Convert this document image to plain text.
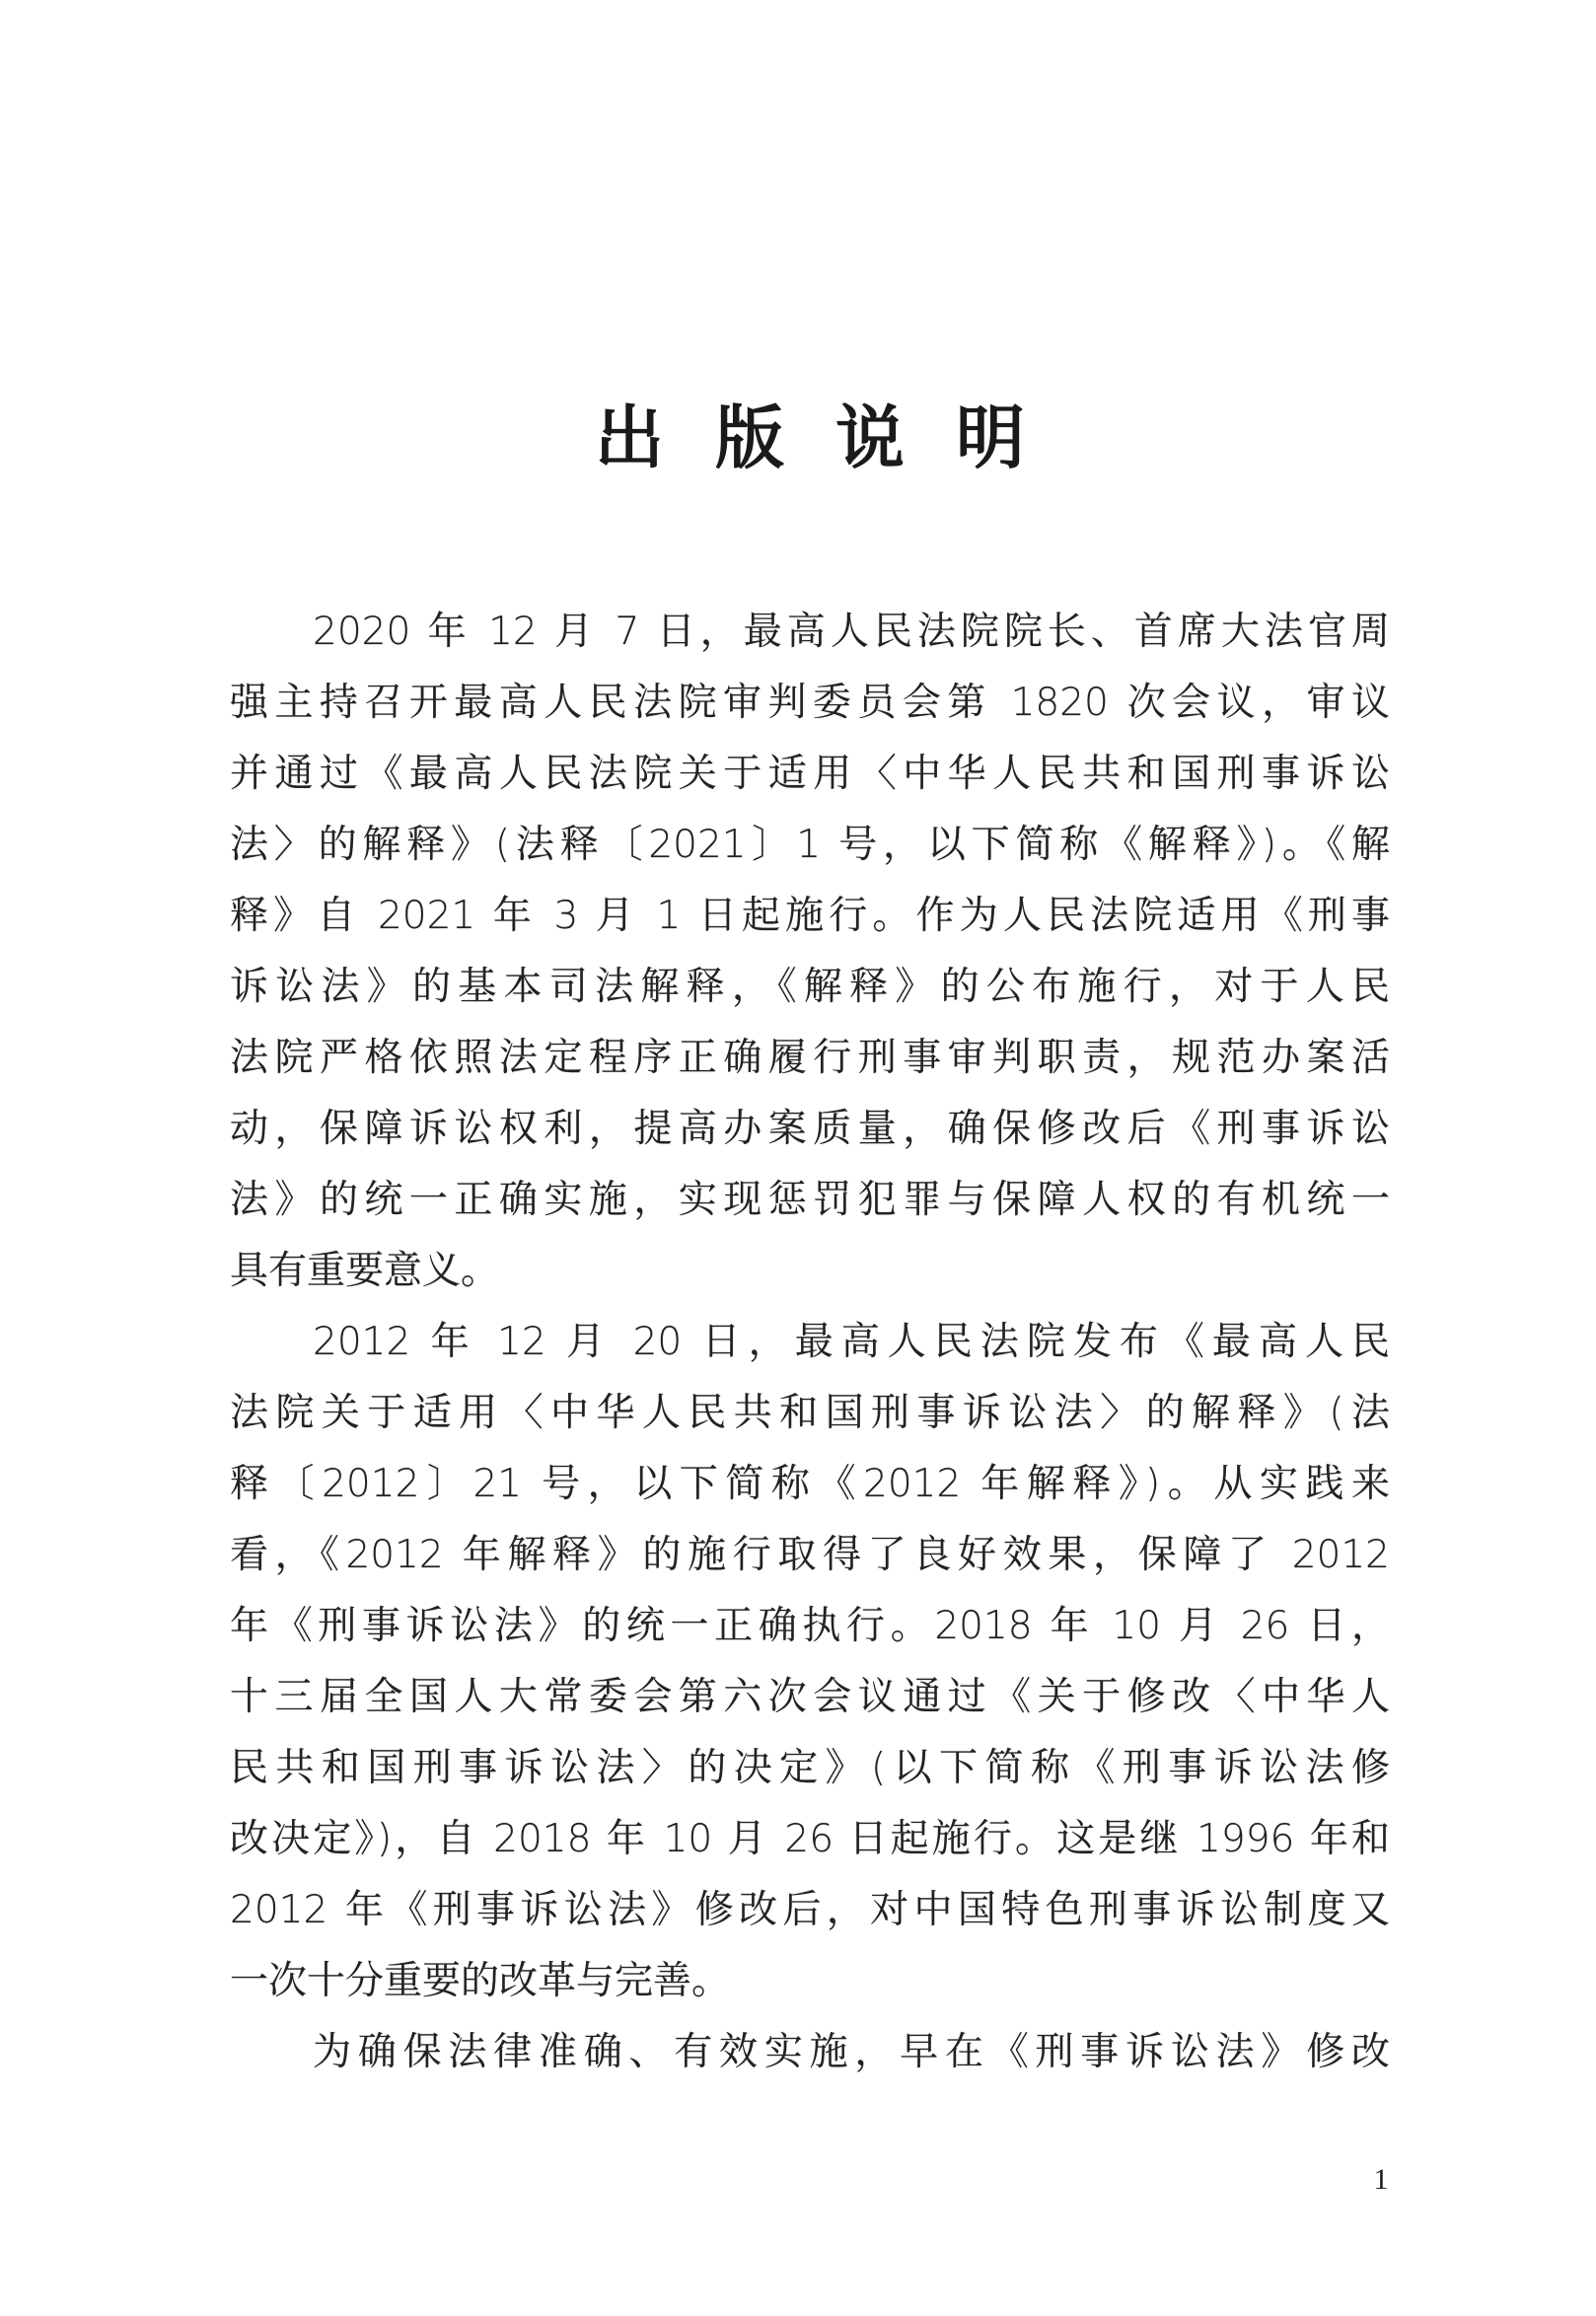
出版说明
2020 年 12 月 7 日，最高人民法院院长、首席大法官周
强主持召开最高人民法院审判委员会第 1820 次会议，审议
并通过《最高人民法院关于适用〈中华人民共和国刑事诉讼
法〉的解释》(法释〔2021〕1 号，以下简称《解释》)。《解
释》自 2021 年 3 月 1 日起施行。作为人民法院适用《刑事
诉讼法》的基本司法解释，《解释》的公布施行，对于人民
法院严格依照法定程序正确履行刑事审判职责，规范办案活
动，保障诉讼权利，提高办案质量，确保修改后《刑事诉讼
法》的统一正确实施，实现惩罚犯罪与保障人权的有机统一
具有重要意义。
2012 年 12 月 20 日，最高人民法院发布《最高人民
法院关于适用〈中华人民共和国刑事诉讼法〉的解释》(法
释〔2012〕21 号，以下简称《2012 年解释》)。从实践来
看，《2012 年解释》的施行取得了良好效果，保障了 2012
年《刑事诉讼法》的统一正确执行。2018 年 10 月 26 日，
十三届全国人大常委会第六次会议通过《关于修改〈中华人
民共和国刑事诉讼法〉的决定》(以下简称《刑事诉讼法修
改决定》)，自 2018 年 10 月 26 日起施行。这是继 1996 年和
2012 年《刑事诉讼法》修改后，对中国特色刑事诉讼制度又
一次十分重要的改革与完善。
为确保法律准确、有效实施，早在《刑事诉讼法》修改
1
